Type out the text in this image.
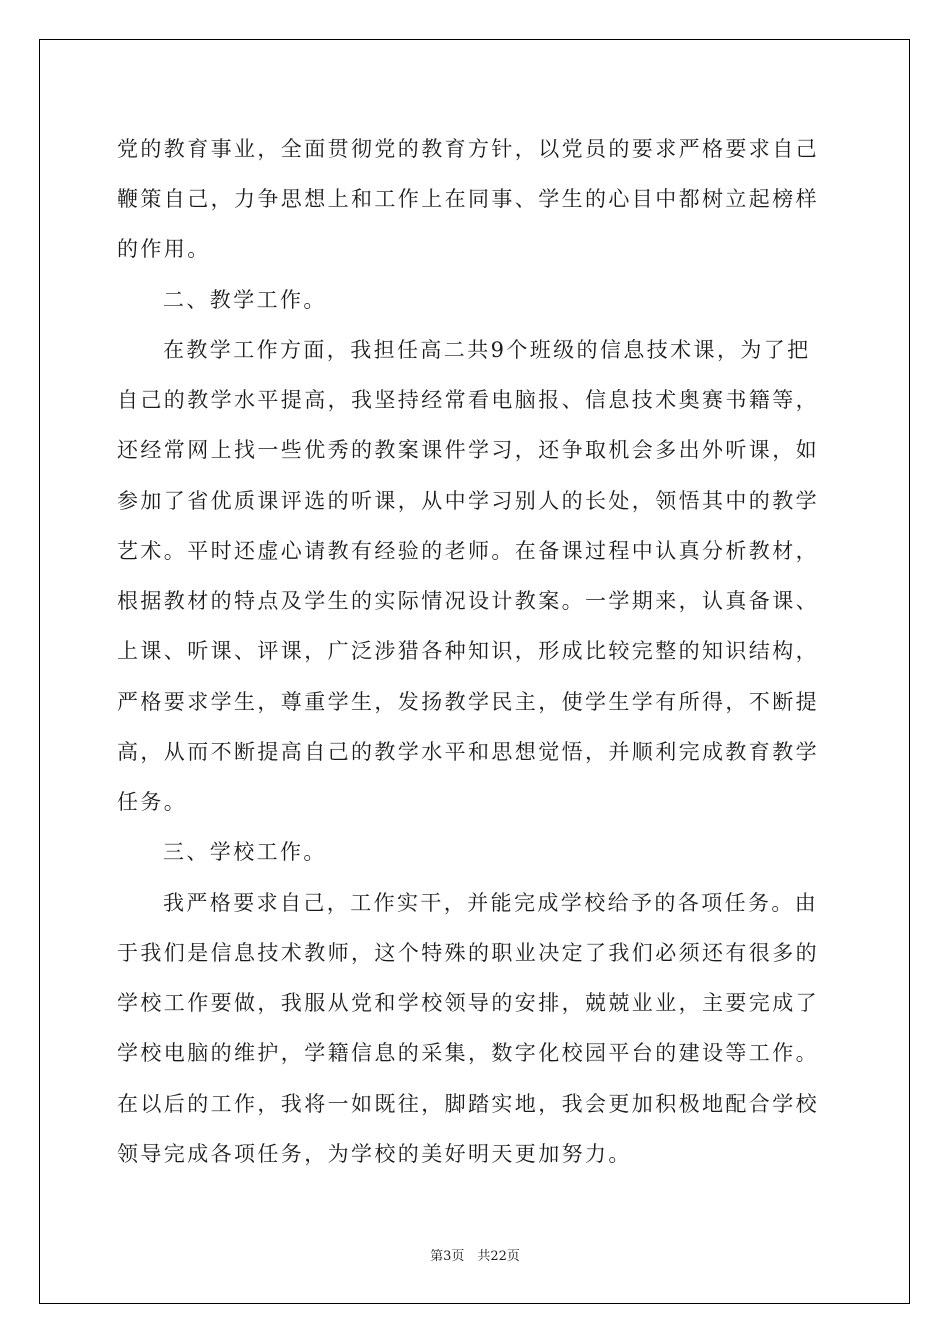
党的教育事业，全面贯彻党的教育方针，以党员的要求严格要求自己

鞭策自己，力争思想上和工作上在同事、学生的心目中都树立起榜样

的作用。

二、教学工作。

在教学工作方面，我担任高二共9个班级的信息技术课，为了把

自己的教学水平提高，我坚持经常看电脑报、信息技术奥赛书籍等，

还经常网上找一些优秀的教案课件学习，还争取机会多出外听课，如

参加了省优质课评选的听课，从中学习别人的长处，领悟其中的教学

艺术。平时还虚心请教有经验的老师。在备课过程中认真分析教材，

根据教材的特点及学生的实际情况设计教案。一学期来，认真备课、

上课、听课、评课，广泛涉猎各种知识，形成比较完整的知识结构，

严格要求学生，尊重学生，发扬教学民主，使学生学有所得，不断提

高，从而不断提高自己的教学水平和思想觉悟，并顺利完成教育教学

任务。

三、学校工作。

我严格要求自己，工作实干，并能完成学校给予的各项任务。由

于我们是信息技术教师，这个特殊的职业决定了我们必须还有很多的

学校工作要做，我服从党和学校领导的安排，兢兢业业，主要完成了

学校电脑的维护，学籍信息的采集，数字化校园平台的建设等工作。

在以后的工作，我将一如既往，脚踏实地，我会更加积极地配合学校

领导完成各项任务，为学校的美好明天更加努力。

第3页　共22页
